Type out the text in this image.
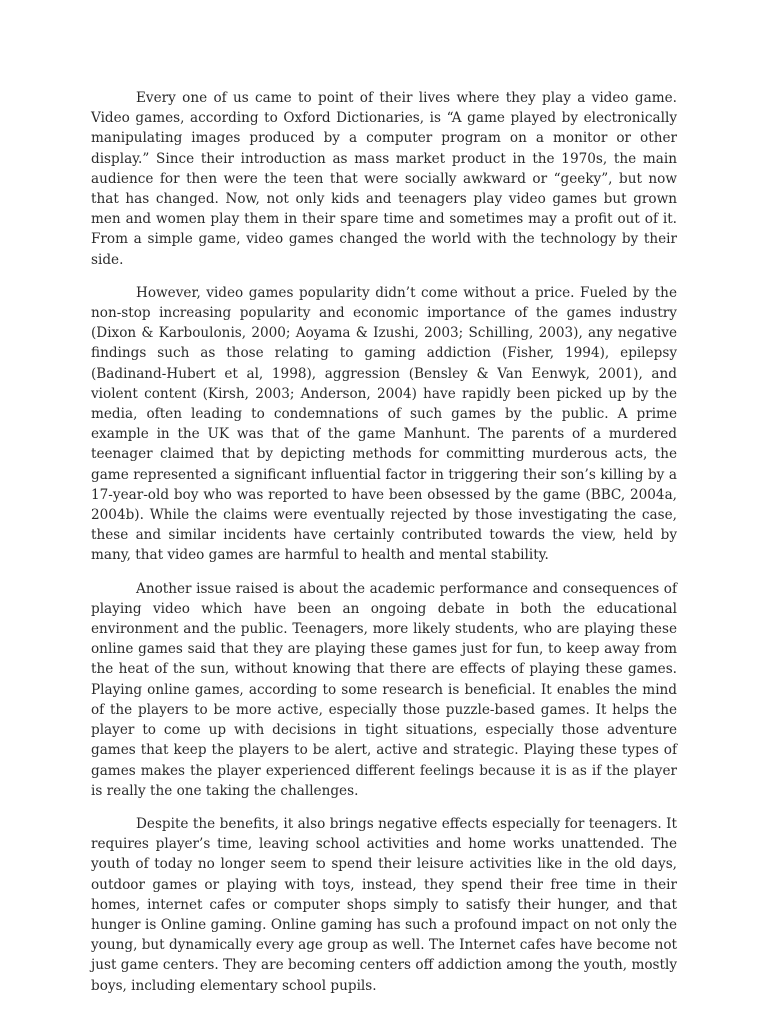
Every one of us came to point of their lives where they play a video game. Video games, according to Oxford Dictionaries, is “A game played by electronically manipulating images produced by a computer program on a monitor or other display.” Since their introduction as mass market product in the 1970s, the main audience for then were the teen that were socially awkward or “geeky”, but now that has changed. Now, not only kids and teenagers play video games but grown men and women play them in their spare time and sometimes may a profit out of it. From a simple game, video games changed the world with the technology by their side.

However, video games popularity didn’t come without a price. Fueled by the non-stop increasing popularity and economic importance of the games industry (Dixon & Karboulonis, 2000; Aoyama & Izushi, 2003; Schilling, 2003), any negative findings such as those relating to gaming addiction (Fisher, 1994), epilepsy (Badinand-Hubert et al, 1998), aggression (Bensley & Van Eenwyk, 2001), and violent content (Kirsh, 2003; Anderson, 2004) have rapidly been picked up by the media, often leading to condemnations of such games by the public. A prime example in the UK was that of the game Manhunt. The parents of a murdered teenager claimed that by depicting methods for committing murderous acts, the game represented a significant influential factor in triggering their son’s killing by a 17-year-old boy who was reported to have been obsessed by the game (BBC, 2004a, 2004b). While the claims were eventually rejected by those investigating the case, these and similar incidents have certainly contributed towards the view, held by many, that video games are harmful to health and mental stability.

Another issue raised is about the academic performance and consequences of playing video which have been an ongoing debate in both the educational environment and the public. Teenagers, more likely students, who are playing these online games said that they are playing these games just for fun, to keep away from the heat of the sun, without knowing that there are effects of playing these games. Playing online games, according to some research is beneficial. It enables the mind of the players to be more active, especially those puzzle-based games. It helps the player to come up with decisions in tight situations, especially those adventure games that keep the players to be alert, active and strategic. Playing these types of games makes the player experienced different feelings because it is as if the player is really the one taking the challenges.

Despite the benefits, it also brings negative effects especially for teenagers. It requires player’s time, leaving school activities and home works unattended. The youth of today no longer seem to spend their leisure activities like in the old days, outdoor games or playing with toys, instead, they spend their free time in their homes, internet cafes or computer shops simply to satisfy their hunger, and that hunger is Online gaming. Online gaming has such a profound impact on not only the young, but dynamically every age group as well. The Internet cafes have become not just game centers. They are becoming centers off addiction among the youth, mostly boys, including elementary school pupils.
